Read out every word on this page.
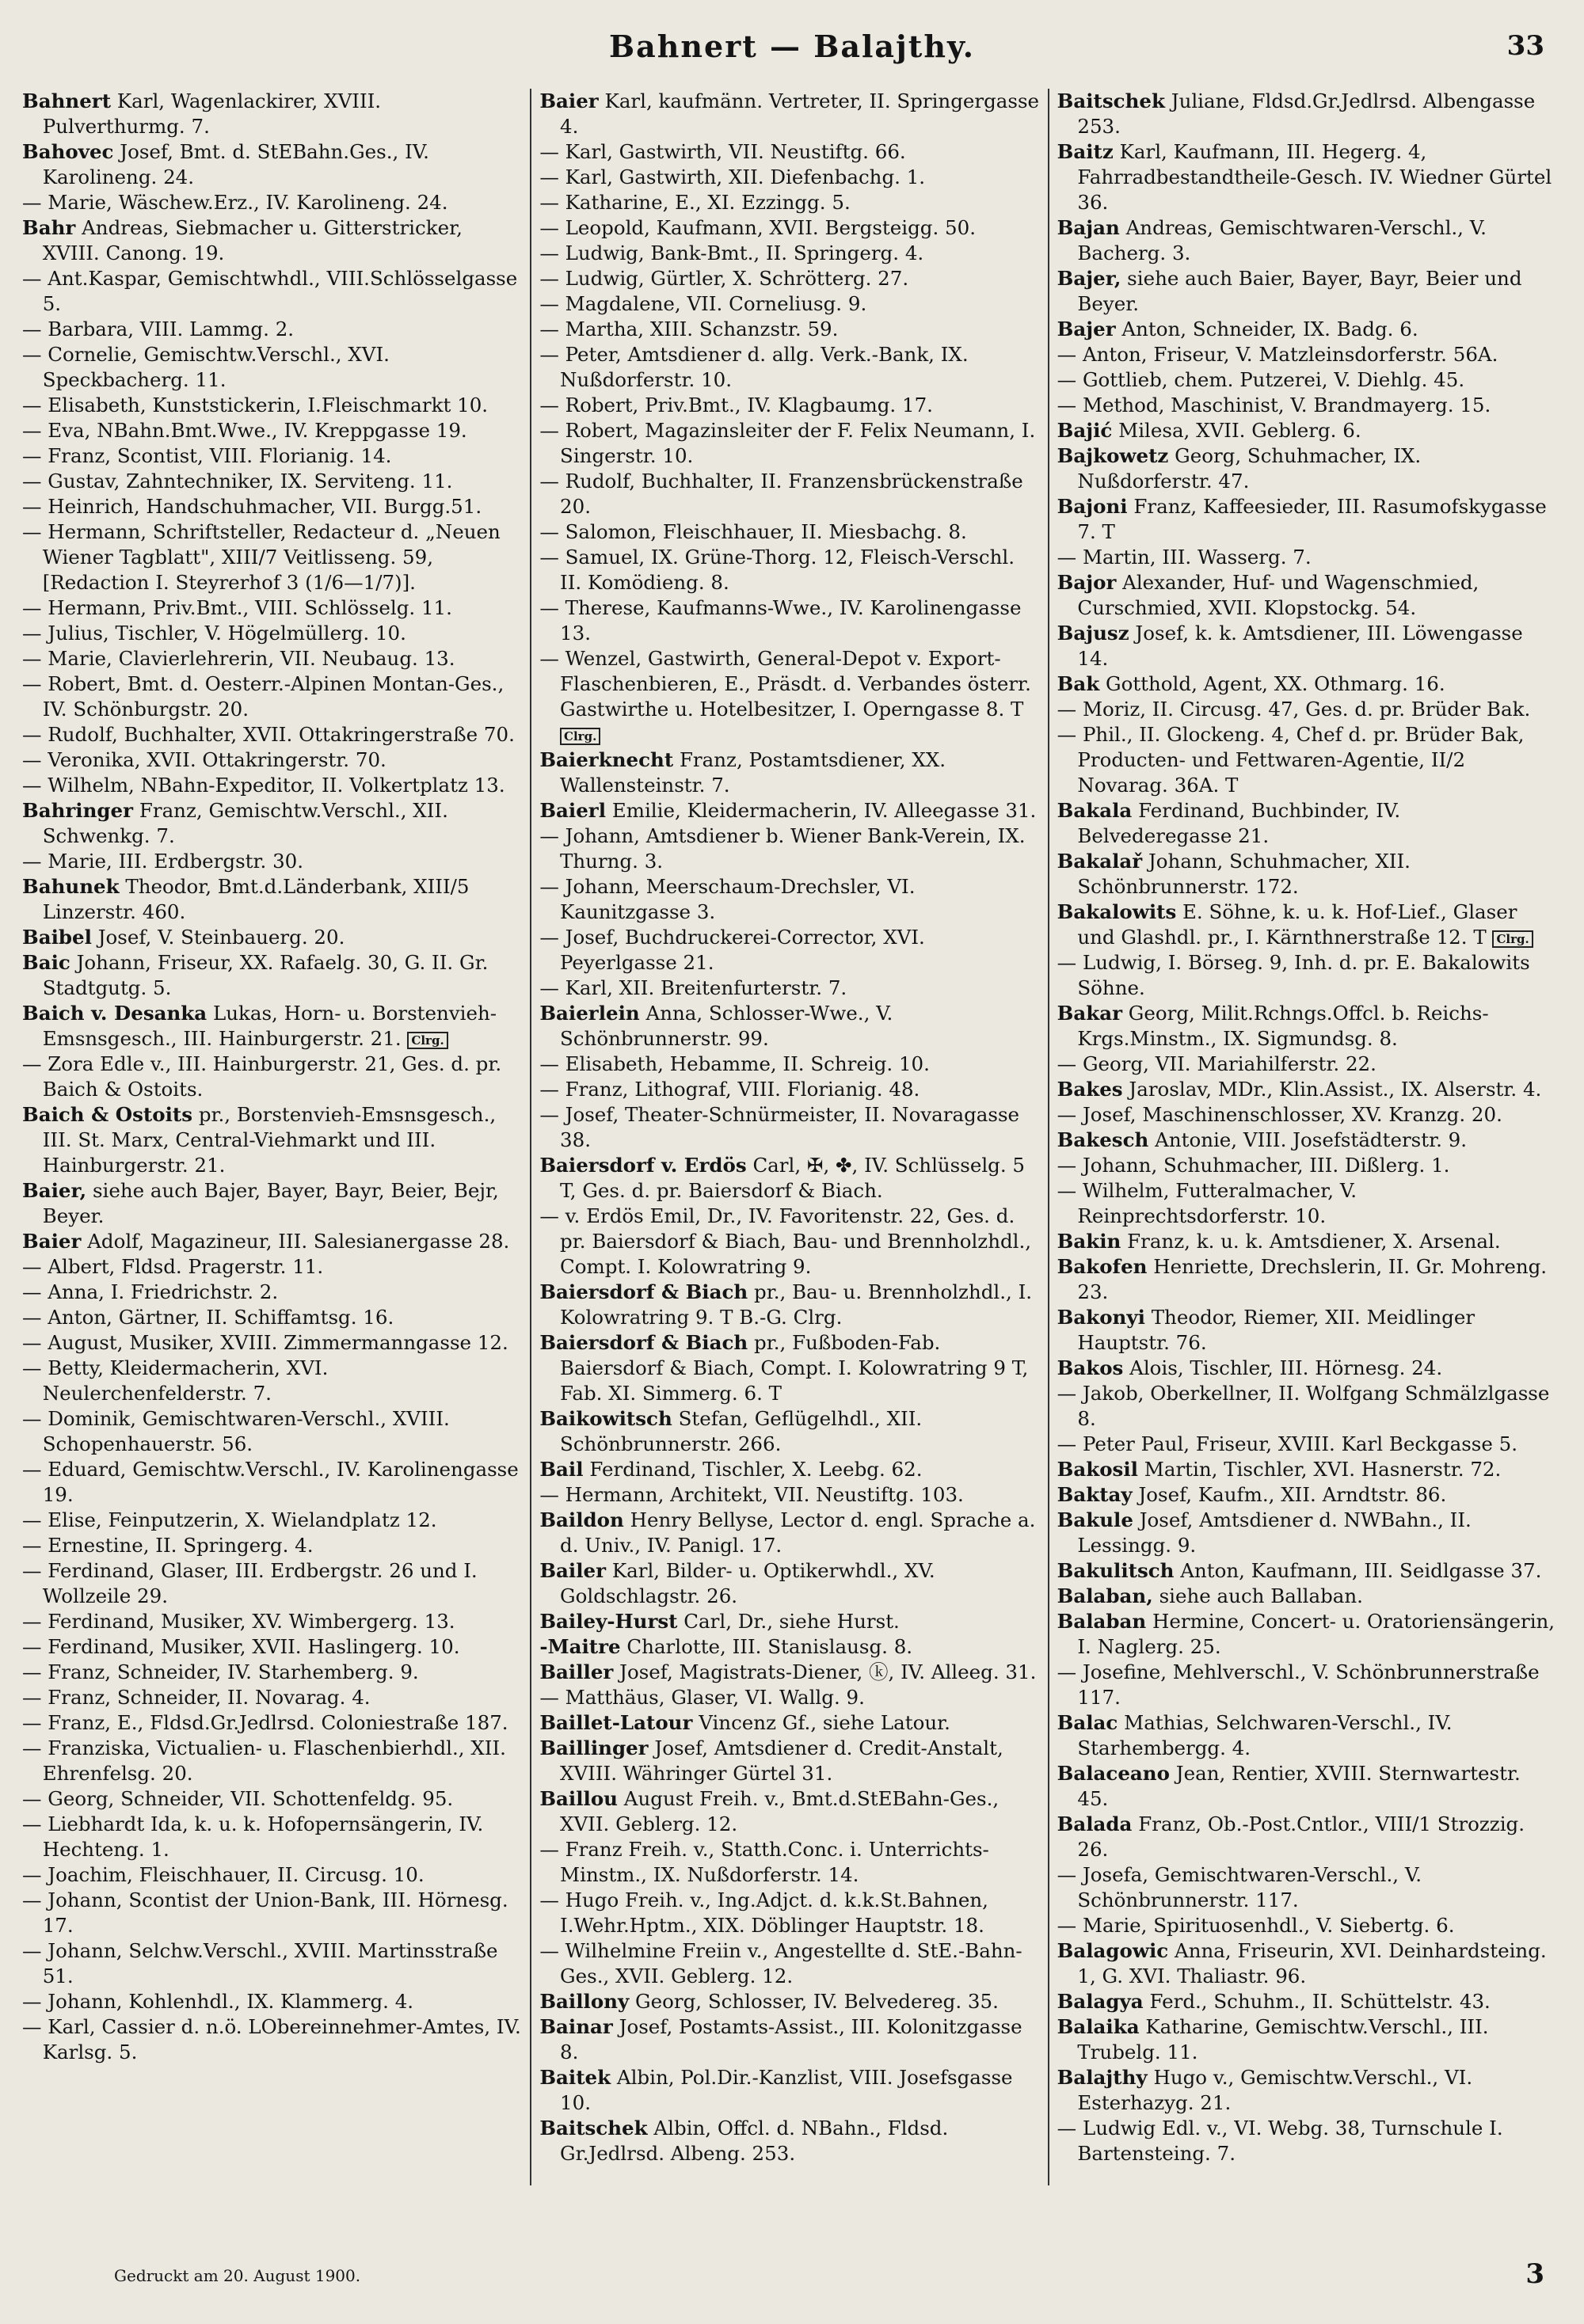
Bahnert — Balajthy.	33

Bahnert Karl, Wagenlackirer, XVIII. Pulverthurmg. 7.

Bahovec Josef, Bmt. d. StEBahn.Ges., IV. Karolineng. 24.

— Marie, Wäschew.Erz., IV. Karolineng. 24.

Bahr Andreas, Siebmacher u. Gitterstricker, XVIII. Canong. 19.

— Ant.Kaspar, Gemischtwhdl., VIII.Schlösselgasse 5.

— Barbara, VIII. Lammg. 2.

— Cornelie, Gemischtw.Verschl., XVI. Speckbacherg. 11.

— Elisabeth, Kunststickerin, I.Fleischmarkt 10.

— Eva, NBahn.Bmt.Wwe., IV. Kreppgasse 19.

— Franz, Scontist, VIII. Florianig. 14.

— Gustav, Zahntechniker, IX. Serviteng. 11.

— Heinrich, Handschuhmacher, VII. Burgg.51.

— Hermann, Schriftsteller, Redacteur d. „Neuen Wiener Tagblatt", XIII/7 Veitlisseng. 59, [Redaction I. Steyrerhof 3 (1/6—1/7)].

— Hermann, Priv.Bmt., VIII. Schlösselg. 11.

— Julius, Tischler, V. Högelmüllerg. 10.

— Marie, Clavierlehrerin, VII. Neubaug. 13.

— Robert, Bmt. d. Oesterr.-Alpinen Montan-Ges., IV. Schönburgstr. 20.

— Rudolf, Buchhalter, XVII. Ottakringerstraße 70.

— Veronika, XVII. Ottakringerstr. 70.

— Wilhelm, NBahn-Expeditor, II. Volkertplatz 13.

Bahringer Franz, Gemischtw.Verschl., XII. Schwenkg. 7.

— Marie, III. Erdbergstr. 30.

Bahunek Theodor, Bmt.d.Länderbank, XIII/5 Linzerstr. 460.

Baibel Josef, V. Steinbauerg. 20.

Baic Johann, Friseur, XX. Rafaelg. 30, G. II. Gr. Stadtgutg. 5.

Baich v. Desanka Lukas, Horn- u. Borstenvieh-Emsnsgesch., III. Hainburgerstr. 21. Clrg.

— Zora Edle v., III. Hainburgerstr. 21, Ges. d. pr. Baich & Ostoits.

Baich & Ostoits pr., Borstenvieh-Emsnsgesch., III. St. Marx, Central-Viehmarkt und III. Hainburgerstr. 21.

Baier, siehe auch Bajer, Bayer, Bayr, Beier, Bejr, Beyer.

Baier Adolf, Magazineur, III. Salesianergasse 28.

— Albert, Fldsd. Pragerstr. 11.

— Anna, I. Friedrichstr. 2.

— Anton, Gärtner, II. Schiffamtsg. 16.

— August, Musiker, XVIII. Zimmermanngasse 12.

— Betty, Kleidermacherin, XVI. Neulerchenfelderstr. 7.

— Dominik, Gemischtwaren-Verschl., XVIII. Schopenhauerstr. 56.

— Eduard, Gemischtw.Verschl., IV. Karolinengasse 19.

— Elise, Feinputzerin, X. Wielandplatz 12.

— Ernestine, II. Springerg. 4.

— Ferdinand, Glaser, III. Erdbergstr. 26 und I. Wollzeile 29.

— Ferdinand, Musiker, XV. Wimbergerg. 13.

— Ferdinand, Musiker, XVII. Haslingerg. 10.

— Franz, Schneider, IV. Starhemberg. 9.

— Franz, Schneider, II. Novarag. 4.

— Franz, E., Fldsd.Gr.Jedlrsd. Coloniestraße 187.

— Franziska, Victualien- u. Flaschenbierhdl., XII. Ehrenfelsg. 20.

— Georg, Schneider, VII. Schottenfeldg. 95.

— Liebhardt Ida, k. u. k. Hofopernsängerin, IV. Hechteng. 1.

— Joachim, Fleischhauer, II. Circusg. 10.

— Johann, Scontist der Union-Bank, III. Hörnesg. 17.

— Johann, Selchw.Verschl., XVIII. Martinsstraße 51.

— Johann, Kohlenhdl., IX. Klammerg. 4.

— Karl, Cassier d. n.ö. LObereinnehmer-Amtes, IV. Karlsg. 5.

Baier Karl, kaufmänn. Vertreter, II. Springergasse 4.

— Karl, Gastwirth, VII. Neustiftg. 66.

— Karl, Gastwirth, XII. Diefenbachg. 1.

— Katharine, E., XI. Ezzingg. 5.

— Leopold, Kaufmann, XVII. Bergsteigg. 50.

— Ludwig, Bank-Bmt., II. Springerg. 4.

— Ludwig, Gürtler, X. Schrötterg. 27.

— Magdalene, VII. Corneliusg. 9.

— Martha, XIII. Schanzstr. 59.

— Peter, Amtsdiener d. allg. Verk.-Bank, IX. Nußdorferstr. 10.

— Robert, Priv.Bmt., IV. Klagbaumg. 17.

— Robert, Magazinsleiter der F. Felix Neumann, I. Singerstr. 10.

— Rudolf, Buchhalter, II. Franzensbrückenstraße 20.

— Salomon, Fleischhauer, II. Miesbachg. 8.

— Samuel, IX. Grüne-Thorg. 12, Fleisch-Verschl. II. Komödieng. 8.

— Therese, Kaufmanns-Wwe., IV. Karolinengasse 13.

— Wenzel, Gastwirth, General-Depot v. Export-Flaschenbieren, E., Präsdt. d. Verbandes österr. Gastwirthe u. Hotelbesitzer, I. Operngasse 8. T Clrg.

Baierknecht Franz, Postamtsdiener, XX. Wallensteinstr. 7.

Baierl Emilie, Kleidermacherin, IV. Alleegasse 31.

— Johann, Amtsdiener b. Wiener Bank-Verein, IX. Thurng. 3.

— Johann, Meerschaum-Drechsler, VI. Kaunitzgasse 3.

— Josef, Buchdruckerei-Corrector, XVI. Peyerlgasse 21.

— Karl, XII. Breitenfurterstr. 7.

Baierlein Anna, Schlosser-Wwe., V. Schönbrunnerstr. 99.

— Elisabeth, Hebamme, II. Schreig. 10.

— Franz, Lithograf, VIII. Florianig. 48.

— Josef, Theater-Schnürmeister, II. Novaragasse 38.

Baiersdorf v. Erdös Carl, ✠, ✤, IV. Schlüsselg. 5 T, Ges. d. pr. Baiersdorf & Biach.

— v. Erdös Emil, Dr., IV. Favoritenstr. 22, Ges. d. pr. Baiersdorf & Biach, Bau- und Brennholzhdl., Compt. I. Kolowratring 9.

Baiersdorf & Biach pr., Bau- u. Brennholzhdl., I. Kolowratring 9. T B.-G. Clrg.

Baiersdorf & Biach pr., Fußboden-Fab. Baiersdorf & Biach, Compt. I. Kolowratring 9 T, Fab. XI. Simmerg. 6. T

Baikowitsch Stefan, Geflügelhdl., XII. Schönbrunnerstr. 266.

Bail Ferdinand, Tischler, X. Leebg. 62.

— Hermann, Architekt, VII. Neustiftg. 103.

Baildon Henry Bellyse, Lector d. engl. Sprache a. d. Univ., IV. Panigl. 17.

Bailer Karl, Bilder- u. Optikerwhdl., XV. Goldschlagstr. 26.

Bailey-Hurst Carl, Dr., siehe Hurst.

-Maitre Charlotte, III. Stanislausg. 8.

Bailler Josef, Magistrats-Diener, ⓚ, IV. Alleeg. 31.

— Matthäus, Glaser, VI. Wallg. 9.

Baillet-Latour Vincenz Gf., siehe Latour.

Baillinger Josef, Amtsdiener d. Credit-Anstalt, XVIII. Währinger Gürtel 31.

Baillou August Freih. v., Bmt.d.StEBahn-Ges., XVII. Geblerg. 12.

— Franz Freih. v., Statth.Conc. i. Unterrichts-Minstm., IX. Nußdorferstr. 14.

— Hugo Freih. v., Ing.Adjct. d. k.k.St.Bahnen, I.Wehr.Hptm., XIX. Döblinger Hauptstr. 18.

— Wilhelmine Freiin v., Angestellte d. StE.-Bahn-Ges., XVII. Geblerg. 12.

Baillony Georg, Schlosser, IV. Belvedereg. 35.

Bainar Josef, Postamts-Assist., III. Kolonitzgasse 8.

Baitek Albin, Pol.Dir.-Kanzlist, VIII. Josefsgasse 10.

Baitschek Albin, Offcl. d. NBahn., Fldsd. Gr.Jedlrsd. Albeng. 253.

Baitschek Juliane, Fldsd.Gr.Jedlrsd. Albengasse 253.

Baitz Karl, Kaufmann, III. Hegerg. 4, Fahrradbestandtheile-Gesch. IV. Wiedner Gürtel 36.

Bajan Andreas, Gemischtwaren-Verschl., V. Bacherg. 3.

Bajer, siehe auch Baier, Bayer, Bayr, Beier und Beyer.

Bajer Anton, Schneider, IX. Badg. 6.

— Anton, Friseur, V. Matzleinsdorferstr. 56A.

— Gottlieb, chem. Putzerei, V. Diehlg. 45.

— Method, Maschinist, V. Brandmayerg. 15.

Bajić Milesa, XVII. Geblerg. 6.

Bajkowetz Georg, Schuhmacher, IX. Nußdorferstr. 47.

Bajoni Franz, Kaffeesieder, III. Rasumofskygasse 7. T

— Martin, III. Wasserg. 7.

Bajor Alexander, Huf- und Wagenschmied, Curschmied, XVII. Klopstockg. 54.

Bajusz Josef, k. k. Amtsdiener, III. Löwengasse 14.

Bak Gotthold, Agent, XX. Othmarg. 16.

— Moriz, II. Circusg. 47, Ges. d. pr. Brüder Bak.

— Phil., II. Glockeng. 4, Chef d. pr. Brüder Bak, Producten- und Fettwaren-Agentie, II/2 Novarag. 36A. T

Bakala Ferdinand, Buchbinder, IV. Belvederegasse 21.

Bakalař Johann, Schuhmacher, XII. Schönbrunnerstr. 172.

Bakalowits E. Söhne, k. u. k. Hof-Lief., Glaser und Glashdl. pr., I. Kärnthnerstraße 12. T Clrg.

— Ludwig, I. Börseg. 9, Inh. d. pr. E. Bakalowits Söhne.

Bakar Georg, Milit.Rchngs.Offcl. b. Reichs-Krgs.Minstm., IX. Sigmundsg. 8.

— Georg, VII. Mariahilferstr. 22.

Bakes Jaroslav, MDr., Klin.Assist., IX. Alserstr. 4.

— Josef, Maschinenschlosser, XV. Kranzg. 20.

Bakesch Antonie, VIII. Josefstädterstr. 9.

— Johann, Schuhmacher, III. Dißlerg. 1.

— Wilhelm, Futteralmacher, V. Reinprechtsdorferstr. 10.

Bakin Franz, k. u. k. Amtsdiener, X. Arsenal.

Bakofen Henriette, Drechslerin, II. Gr. Mohreng. 23.

Bakonyi Theodor, Riemer, XII. Meidlinger Hauptstr. 76.

Bakos Alois, Tischler, III. Hörnesg. 24.

— Jakob, Oberkellner, II. Wolfgang Schmälzlgasse 8.

— Peter Paul, Friseur, XVIII. Karl Beckgasse 5.

Bakosil Martin, Tischler, XVI. Hasnerstr. 72.

Baktay Josef, Kaufm., XII. Arndtstr. 86.

Bakule Josef, Amtsdiener d. NWBahn., II. Lessingg. 9.

Bakulitsch Anton, Kaufmann, III. Seidlgasse 37.

Balaban, siehe auch Ballaban.

Balaban Hermine, Concert- u. Oratoriensängerin, I. Naglerg. 25.

— Josefine, Mehlverschl., V. Schönbrunnerstraße 117.

Balac Mathias, Selchwaren-Verschl., IV. Starhembergg. 4.

Balaceano Jean, Rentier, XVIII. Sternwartestr. 45.

Balada Franz, Ob.-Post.Cntlor., VIII/1 Strozzig. 26.

— Josefa, Gemischtwaren-Verschl., V. Schönbrunnerstr. 117.

— Marie, Spirituosenhdl., V. Siebertg. 6.

Balagowic Anna, Friseurin, XVI. Deinhardsteing. 1, G. XVI. Thaliastr. 96.

Balagya Ferd., Schuhm., II. Schüttelstr. 43.

Balaika Katharine, Gemischtw.Verschl., III. Trubelg. 11.

Balajthy Hugo v., Gemischtw.Verschl., VI. Esterhazyg. 21.

— Ludwig Edl. v., VI. Webg. 38, Turnschule I. Bartensteing. 7.

Gedruckt am 20. August 1900.	3
